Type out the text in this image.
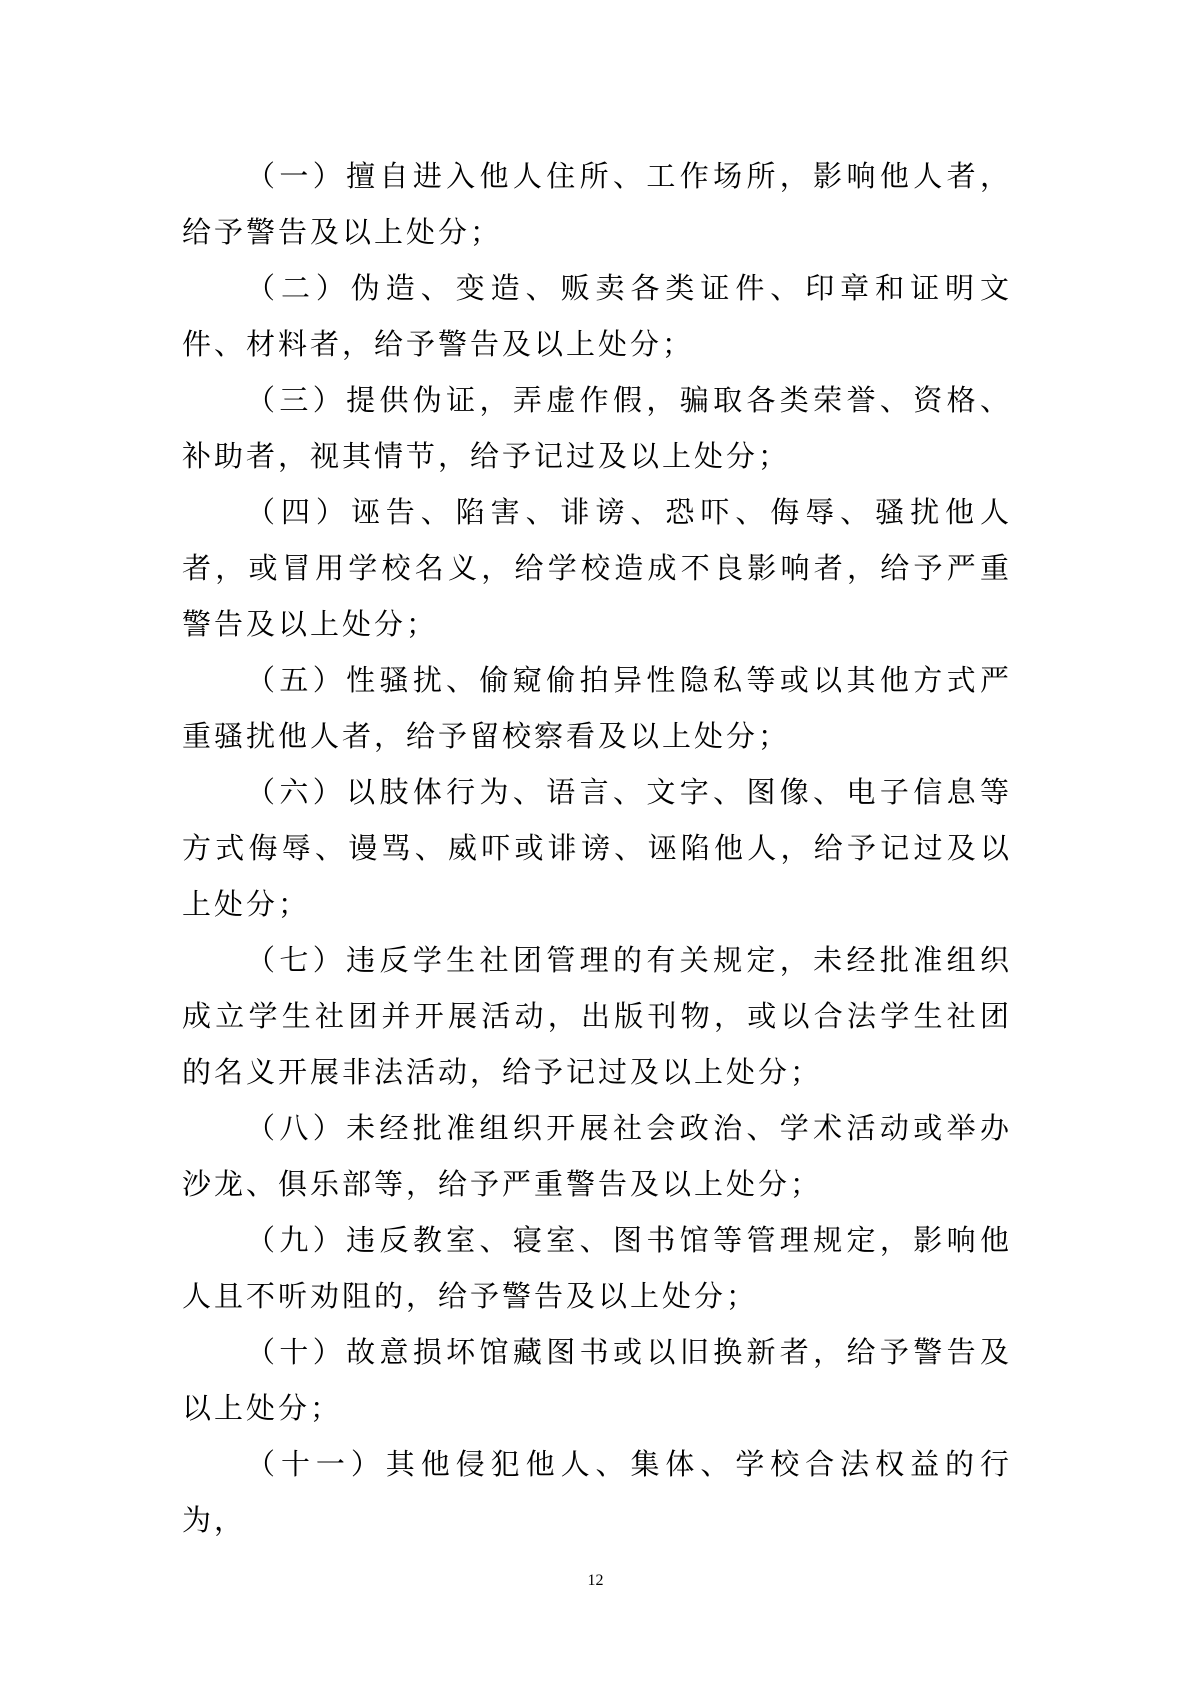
（一）擅自进入他人住所、工作场所，影响他人者，给予警告及以上处分；

（二）伪造、变造、贩卖各类证件、印章和证明文件、材料者，给予警告及以上处分；

（三）提供伪证，弄虚作假，骗取各类荣誉、资格、补助者，视其情节，给予记过及以上处分；

（四）诬告、陷害、诽谤、恐吓、侮辱、骚扰他人者，或冒用学校名义，给学校造成不良影响者，给予严重警告及以上处分；

（五）性骚扰、偷窥偷拍异性隐私等或以其他方式严重骚扰他人者，给予留校察看及以上处分；

（六）以肢体行为、语言、文字、图像、电子信息等方式侮辱、谩骂、威吓或诽谤、诬陷他人，给予记过及以上处分；

（七）违反学生社团管理的有关规定，未经批准组织成立学生社团并开展活动，出版刊物，或以合法学生社团的名义开展非法活动，给予记过及以上处分；

（八）未经批准组织开展社会政治、学术活动或举办沙龙、俱乐部等，给予严重警告及以上处分；

（九）违反教室、寝室、图书馆等管理规定，影响他人且不听劝阻的，给予警告及以上处分；

（十）故意损坏馆藏图书或以旧换新者，给予警告及以上处分；

（十一）其他侵犯他人、集体、学校合法权益的行为，

12
